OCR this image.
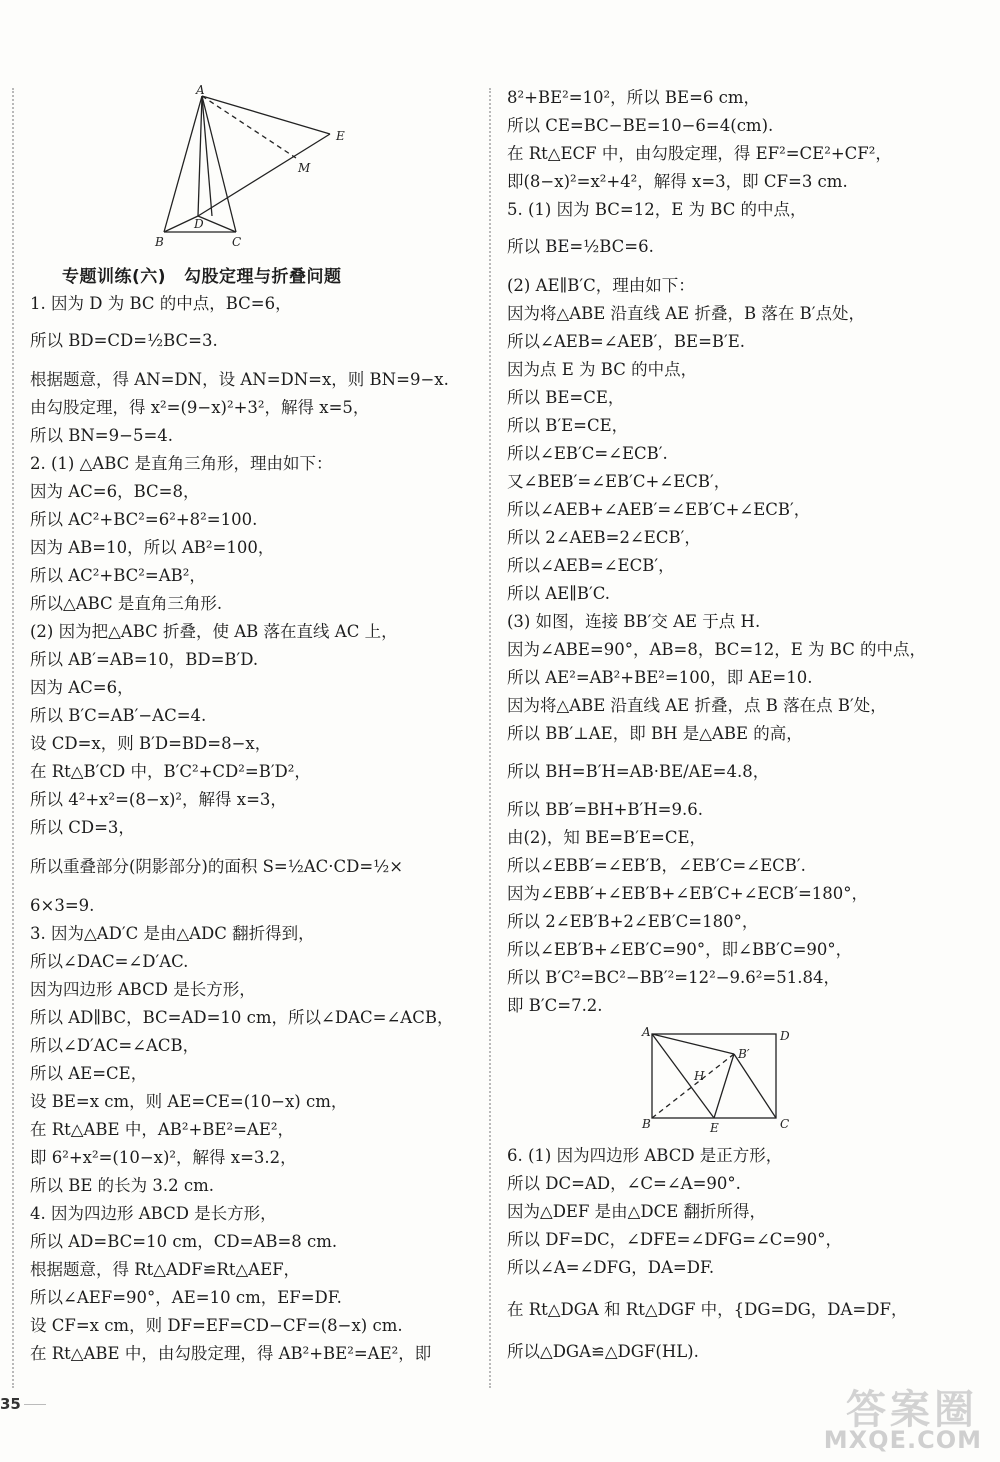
A
E
M
D
B	C
专题训练(六) 勾股定理与折叠问题
1. 因为 D 为 BC 的中点，BC=6，
所以 BD=CD=½BC=3.
根据题意，得 AN=DN，设 AN=DN=x，则 BN=9−x.
由勾股定理，得 x²=(9−x)²+3²，解得 x=5，
所以 BN=9−5=4.
2. (1) △ABC 是直角三角形，理由如下：
因为 AC=6，BC=8，
所以 AC²+BC²=6²+8²=100.
因为 AB=10，所以 AB²=100，
所以 AC²+BC²=AB²，
所以△ABC 是直角三角形.
(2) 因为把△ABC 折叠，使 AB 落在直线 AC 上，
所以 AB′=AB=10，BD=B′D.
因为 AC=6，
所以 B′C=AB′−AC=4.
设 CD=x，则 B′D=BD=8−x，
在 Rt△B′CD 中，B′C²+CD²=B′D²，
所以 4²+x²=(8−x)²，解得 x=3，
所以 CD=3，
所以重叠部分(阴影部分)的面积 S=½AC·CD=½×
6×3=9.
3. 因为△AD′C 是由△ADC 翻折得到，
所以∠DAC=∠D′AC.
因为四边形 ABCD 是长方形，
所以 AD∥BC，BC=AD=10 cm，所以∠DAC=∠ACB，
所以∠D′AC=∠ACB，
所以 AE=CE，
设 BE=x cm，则 AE=CE=(10−x) cm，
在 Rt△ABE 中，AB²+BE²=AE²，
即 6²+x²=(10−x)²，解得 x=3.2，
所以 BE 的长为 3.2 cm.
4. 因为四边形 ABCD 是长方形，
所以 AD=BC=10 cm，CD=AB=8 cm.
根据题意，得 Rt△ADF≌Rt△AEF，
所以∠AEF=90°，AE=10 cm，EF=DF.
设 CF=x cm，则 DF=EF=CD−CF=(8−x) cm.
在 Rt△ABE 中，由勾股定理，得 AB²+BE²=AE²，即
8²+BE²=10²，所以 BE=6 cm，
所以 CE=BC−BE=10−6=4(cm).
在 Rt△ECF 中，由勾股定理，得 EF²=CE²+CF²，
即(8−x)²=x²+4²，解得 x=3，即 CF=3 cm.
5. (1) 因为 BC=12，E 为 BC 的中点，
所以 BE=½BC=6.
(2) AE∥B′C，理由如下：
因为将△ABE 沿直线 AE 折叠，B 落在 B′点处，
所以∠AEB=∠AEB′，BE=B′E.
因为点 E 为 BC 的中点，
所以 BE=CE，
所以 B′E=CE，
所以∠EB′C=∠ECB′.
又∠BEB′=∠EB′C+∠ECB′，
所以∠AEB+∠AEB′=∠EB′C+∠ECB′，
所以 2∠AEB=2∠ECB′，
所以∠AEB=∠ECB′，
所以 AE∥B′C.
(3) 如图，连接 BB′交 AE 于点 H.
因为∠ABE=90°，AB=8，BC=12，E 为 BC 的中点，
所以 AE²=AB²+BE²=100，即 AE=10.
因为将△ABE 沿直线 AE 折叠，点 B 落在点 B′处，
所以 BB′⊥AE，即 BH 是△ABE 的高，
所以 BH=B′H=AB·BE/AE=4.8，
所以 BB′=BH+B′H=9.6.
由(2)，知 BE=B′E=CE，
所以∠EBB′=∠EB′B，∠EB′C=∠ECB′.
因为∠EBB′+∠EB′B+∠EB′C+∠ECB′=180°，
所以 2∠EB′B+2∠EB′C=180°，
所以∠EB′B+∠EB′C=90°，即∠BB′C=90°，
所以 B′C²=BC²−BB′²=12²−9.6²=51.84，
即 B′C=7.2.
6. (1) 因为四边形 ABCD 是正方形，
所以 DC=AD，∠C=∠A=90°.
因为△DEF 是由△DCE 翻折所得，
所以 DF=DC，∠DFE=∠DFG=∠C=90°，
所以∠A=∠DFG，DA=DF.
在 Rt△DGA 和 Rt△DGF 中，{DG=DG，DA=DF，
所以△DGA≌△DGF(HL).
A	D
B′
H
B	E	C
35	答案圈
MXQE.COM
